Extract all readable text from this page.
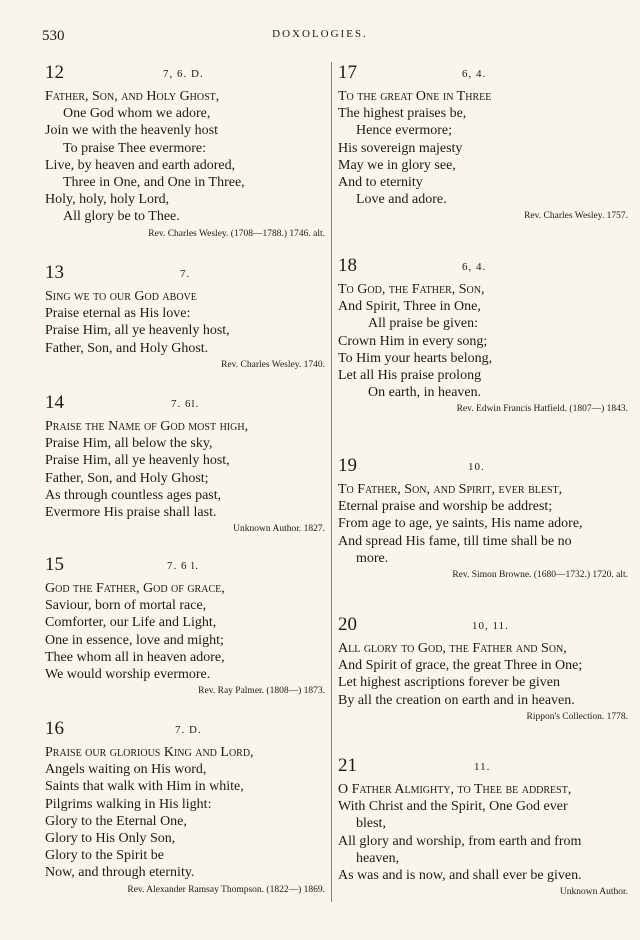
530	DOXOLOGIES.
12	7, 6. D.
Father, Son, and Holy Ghost,
One God whom we adore,
Join we with the heavenly host
To praise Thee evermore:
Live, by heaven and earth adored,
Three in One, and One in Three,
Holy, holy, holy Lord,
All glory be to Thee.
Rev. Charles Wesley. (1708—1788.) 1746. alt.
13	7.
Sing we to our God above
Praise eternal as His love:
Praise Him, all ye heavenly host,
Father, Son, and Holy Ghost.
Rev. Charles Wesley. 1740.
14	7. 6l.
Praise the Name of God most high,
Praise Him, all below the sky,
Praise Him, all ye heavenly host,
Father, Son, and Holy Ghost;
As through countless ages past,
Evermore His praise shall last.
Unknown Author. 1827.
15	7. 6 l.
God the Father, God of grace,
Saviour, born of mortal race,
Comforter, our Life and Light,
One in essence, love and might;
Thee whom all in heaven adore,
We would worship evermore.
Rev. Ray Palmer. (1808—) 1873.
16	7. D.
Praise our glorious King and Lord,
Angels waiting on His word,
Saints that walk with Him in white,
Pilgrims walking in His light:
Glory to the Eternal One,
Glory to His Only Son,
Glory to the Spirit be
Now, and through eternity.
Rev. Alexander Ramsay Thompson. (1822—) 1869.
17	6, 4.
To the great One in Three
The highest praises be,
Hence evermore;
His sovereign majesty
May we in glory see,
And to eternity
Love and adore.
Rev. Charles Wesley. 1757.
18	6, 4.
To God, the Father, Son,
And Spirit, Three in One,
All praise be given:
Crown Him in every song;
To Him your hearts belong,
Let all His praise prolong
On earth, in heaven.
Rev. Edwin Francis Hatfield. (1807—) 1843.
19	10.
To Father, Son, and Spirit, ever blest,
Eternal praise and worship be addrest;
From age to age, ye saints, His name adore,
And spread His fame, till time shall be no
more.
Rev. Simon Browne. (1680—1732.) 1720. alt.
20	10, 11.
All glory to God, the Father and Son,
And Spirit of grace, the great Three in One;
Let highest ascriptions forever be given
By all the creation on earth and in heaven.
Rippon's Collection. 1778.
21	11.
O Father Almighty, to Thee be addrest,
With Christ and the Spirit, One God ever
blest,
All glory and worship, from earth and from
heaven,
As was and is now, and shall ever be given.
Unknown Author.
